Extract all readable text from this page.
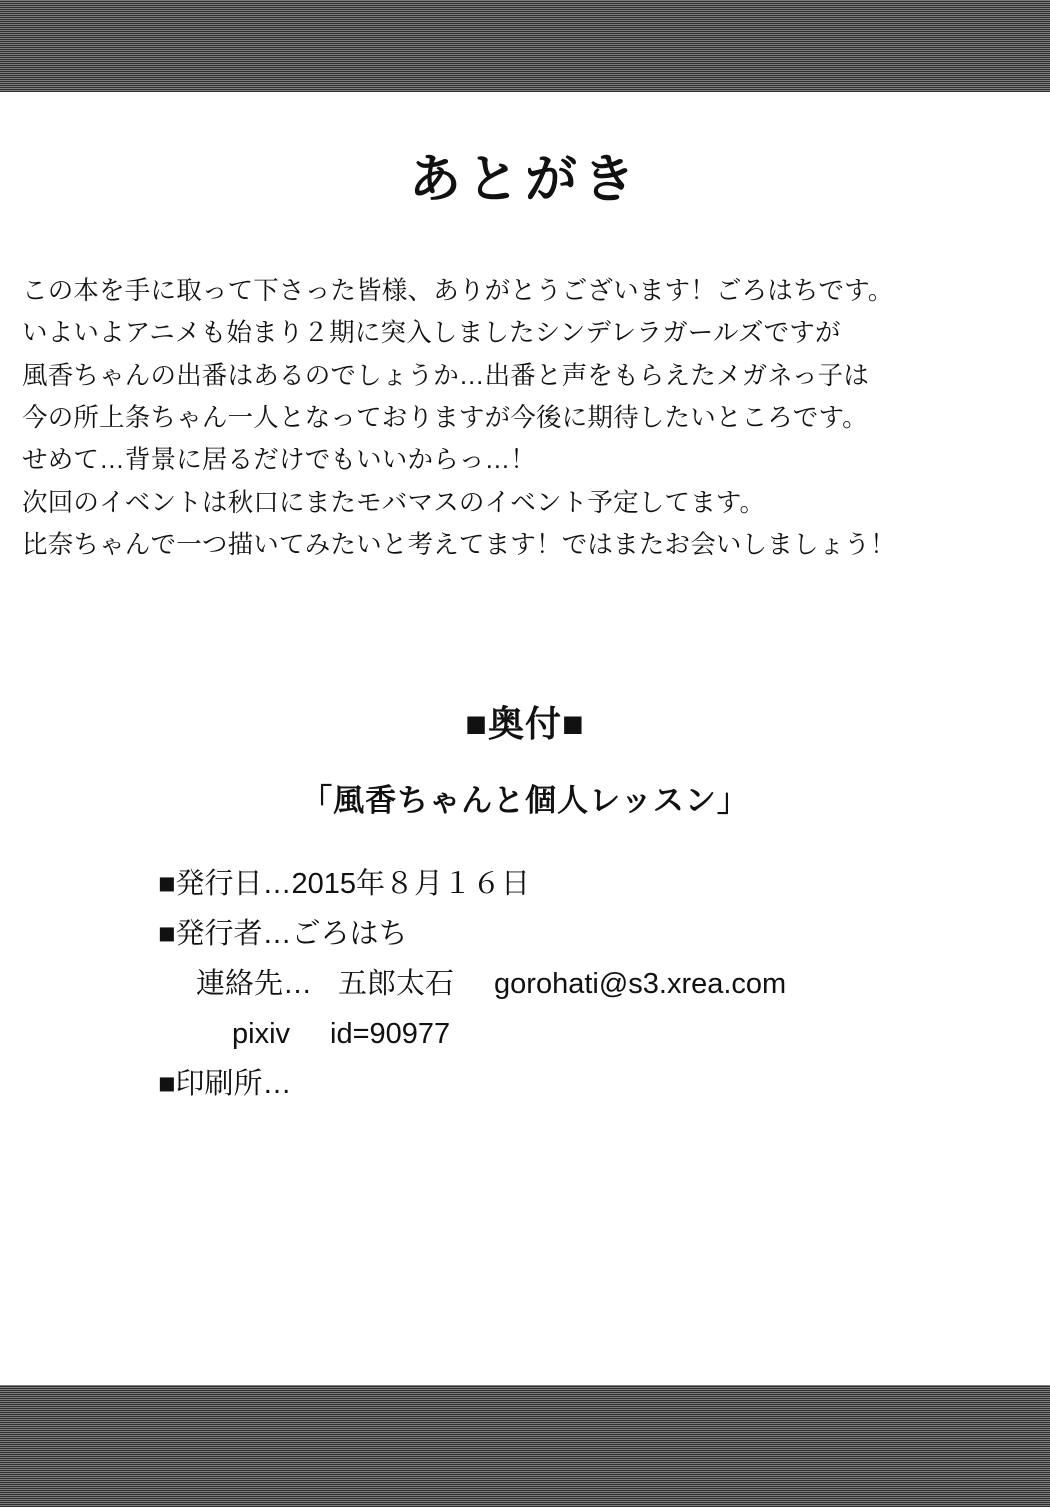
あとがき
この本を手に取って下さった皆様、ありがとうございます！ごろはちです。
いよいよアニメも始まり２期に突入しましたシンデレラガールズですが
風香ちゃんの出番はあるのでしょうか…出番と声をもらえたメガネっ子は
今の所上条ちゃん一人となっておりますが今後に期待したいところです。
せめて…背景に居るだけでもいいからっ…！
次回のイベントは秋口にまたモバマスのイベント予定してます。
比奈ちゃんで一つ描いてみたいと考えてます！ではまたお会いしましょう！
■奥付■
「風香ちゃんと個人レッスン」
■発行日…2015年８月１６日
■発行者…ごろはち
連絡先… 五郎太石 gorohati@s3.xrea.com
pixiv id=90977
■印刷所…
